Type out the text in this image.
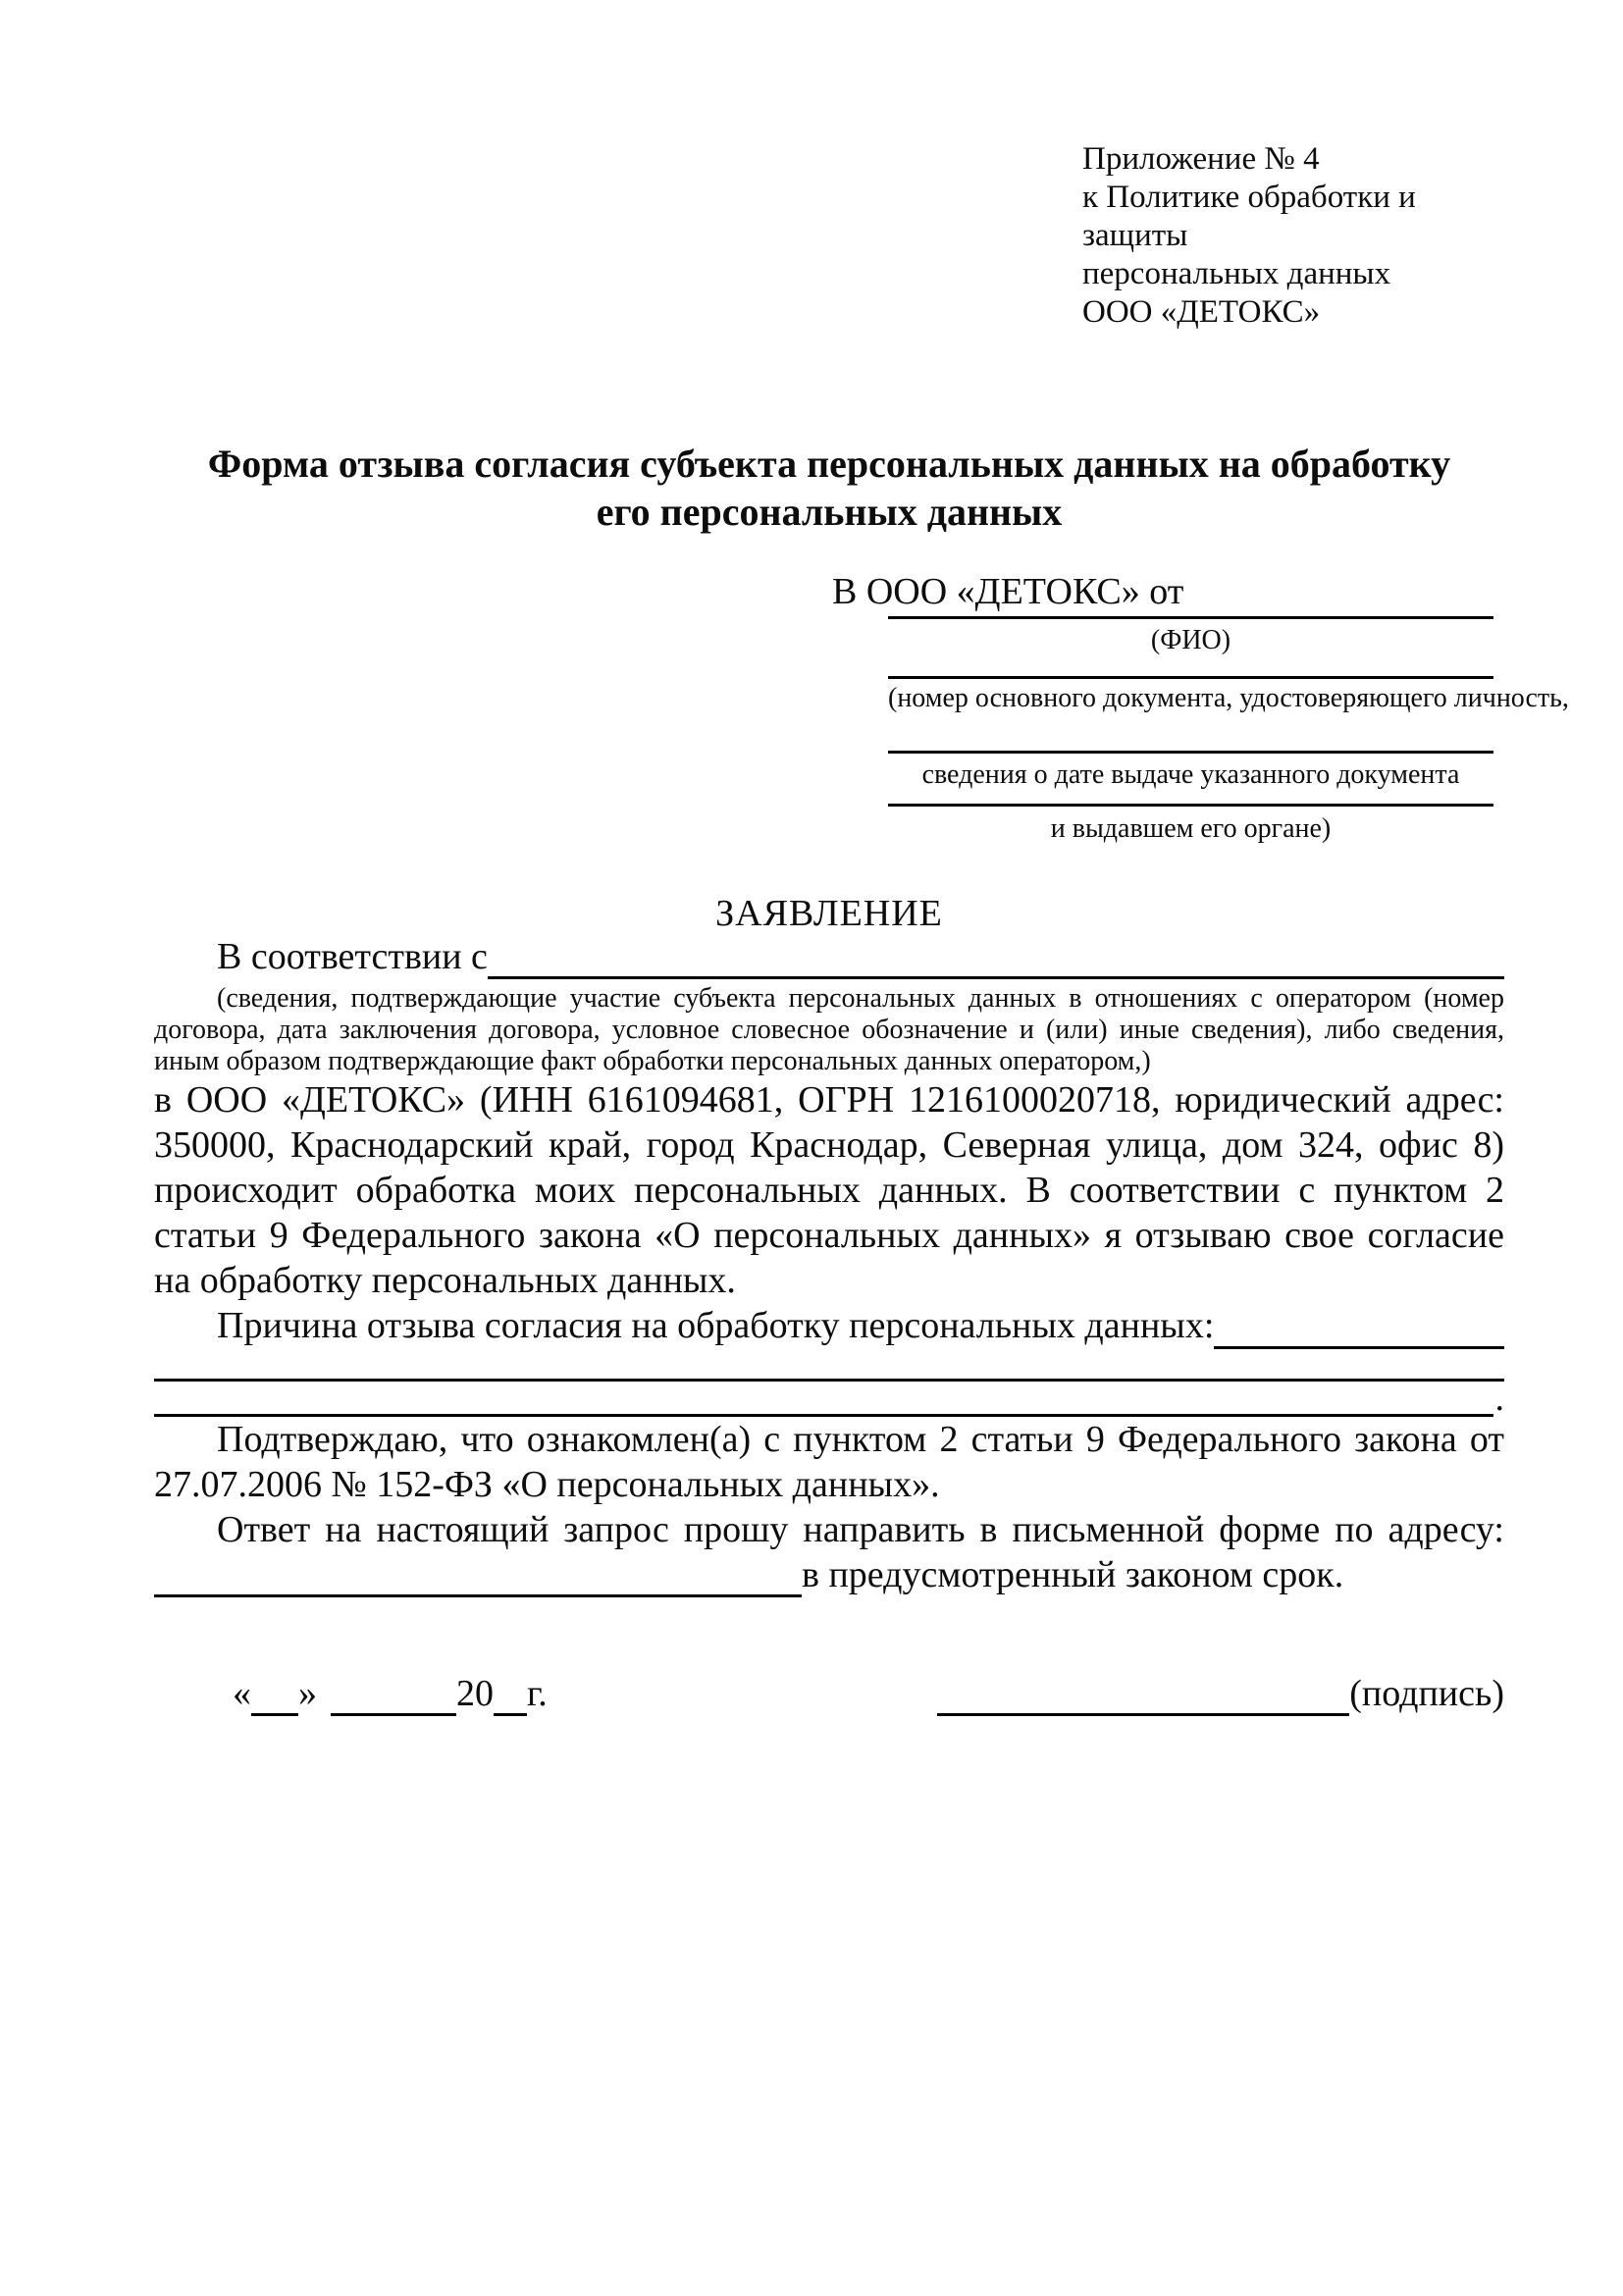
Приложение № 4
к Политике обработки и защиты
персональных данных
ООО «ДЕТОКС»
Форма отзыва согласия субъекта персональных данных на обработку его персональных данных
В ООО «ДЕТОКС» от
(ФИО)
(номер основного документа, удостоверяющего личность,
сведения о дате выдаче указанного документа
и выдавшем его органе)
ЗАЯВЛЕНИЕ
В соответствии с
(сведения, подтверждающие участие субъекта персональных данных в отношениях с оператором (номер договора, дата заключения договора, условное словесное обозначение и (или) иные сведения), либо сведения, иным образом подтверждающие факт обработки персональных данных оператором,)
в ООО «ДЕТОКС» (ИНН 6161094681, ОГРН 1216100020718, юридический адрес: 350000, Краснодарский край, город Краснодар, Северная улица, дом 324, офис 8) происходит обработка моих персональных данных. В соответствии с пунктом 2 статьи 9 Федерального закона «О персональных данных» я отзываю свое согласие на обработку персональных данных.
Причина отзыва согласия на обработку персональных данных:
.
Подтверждаю, что ознакомлен(а) с пунктом 2 статьи 9 Федерального закона от 27.07.2006 № 152-ФЗ «О персональных данных».
Ответ на настоящий запрос прошу направить в письменной форме по адресу:
в предусмотренный законом срок.
« »	20 г.	(подпись)
